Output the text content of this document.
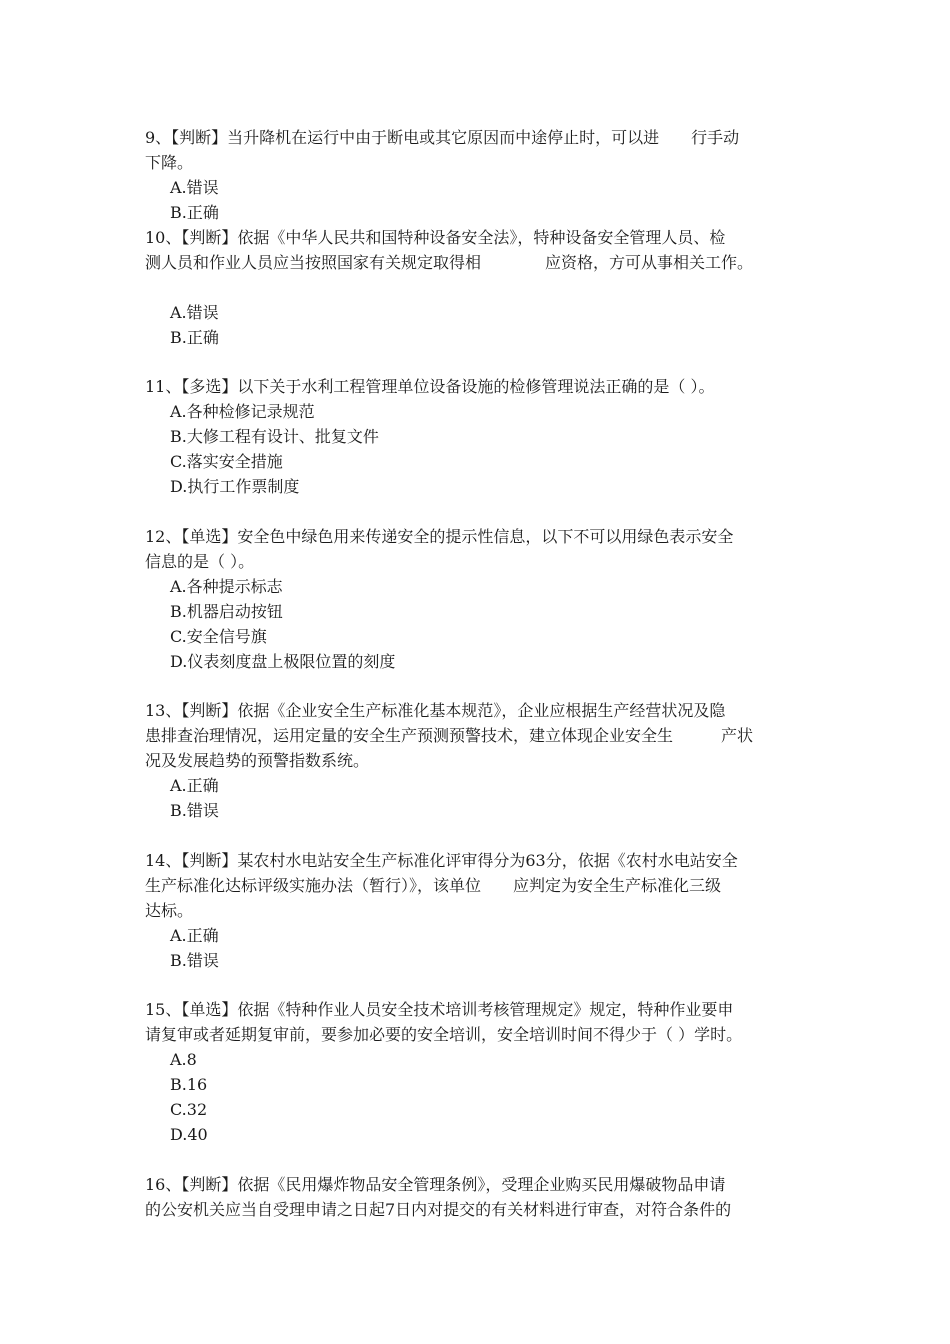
9、【判断】当升降机在运行中由于断电或其它原因而中途停止时，可以进　　行手动
下降。
A.错误
B.正确
10、【判断】依据《中华人民共和国特种设备安全法》，特种设备安全管理人员、检
测人员和作业人员应当按照国家有关规定取得相　　　　应资格，方可从事相关工作。
A.错误
B.正确
11、【多选】以下关于水利工程管理单位设备设施的检修管理说法正确的是（ ）。
A.各种检修记录规范
B.大修工程有设计、批复文件
C.落实安全措施
D.执行工作票制度
12、【单选】安全色中绿色用来传递安全的提示性信息，以下不可以用绿色表示安全
信息的是（ ）。
A.各种提示标志
B.机器启动按钮
C.安全信号旗
D.仪表刻度盘上极限位置的刻度
13、【判断】依据《企业安全生产标准化基本规范》，企业应根据生产经营状况及隐
患排查治理情况，运用定量的安全生产预测预警技术，建立体现企业安全生　　　产状
况及发展趋势的预警指数系统。
A.正确
B.错误
14、【判断】某农村水电站安全生产标准化评审得分为63分，依据《农村水电站安全
生产标准化达标评级实施办法（暂行）》，该单位　　应判定为安全生产标准化三级
达标。
A.正确
B.错误
15、【单选】依据《特种作业人员安全技术培训考核管理规定》规定，特种作业要申
请复审或者延期复审前，要参加必要的安全培训，安全培训时间不得少于（ ）学时。
A.8
B.16
C.32
D.40
16、【判断】依据《民用爆炸物品安全管理条例》，受理企业购买民用爆破物品申请
的公安机关应当自受理申请之日起7日内对提交的有关材料进行审查，对符合条件的
